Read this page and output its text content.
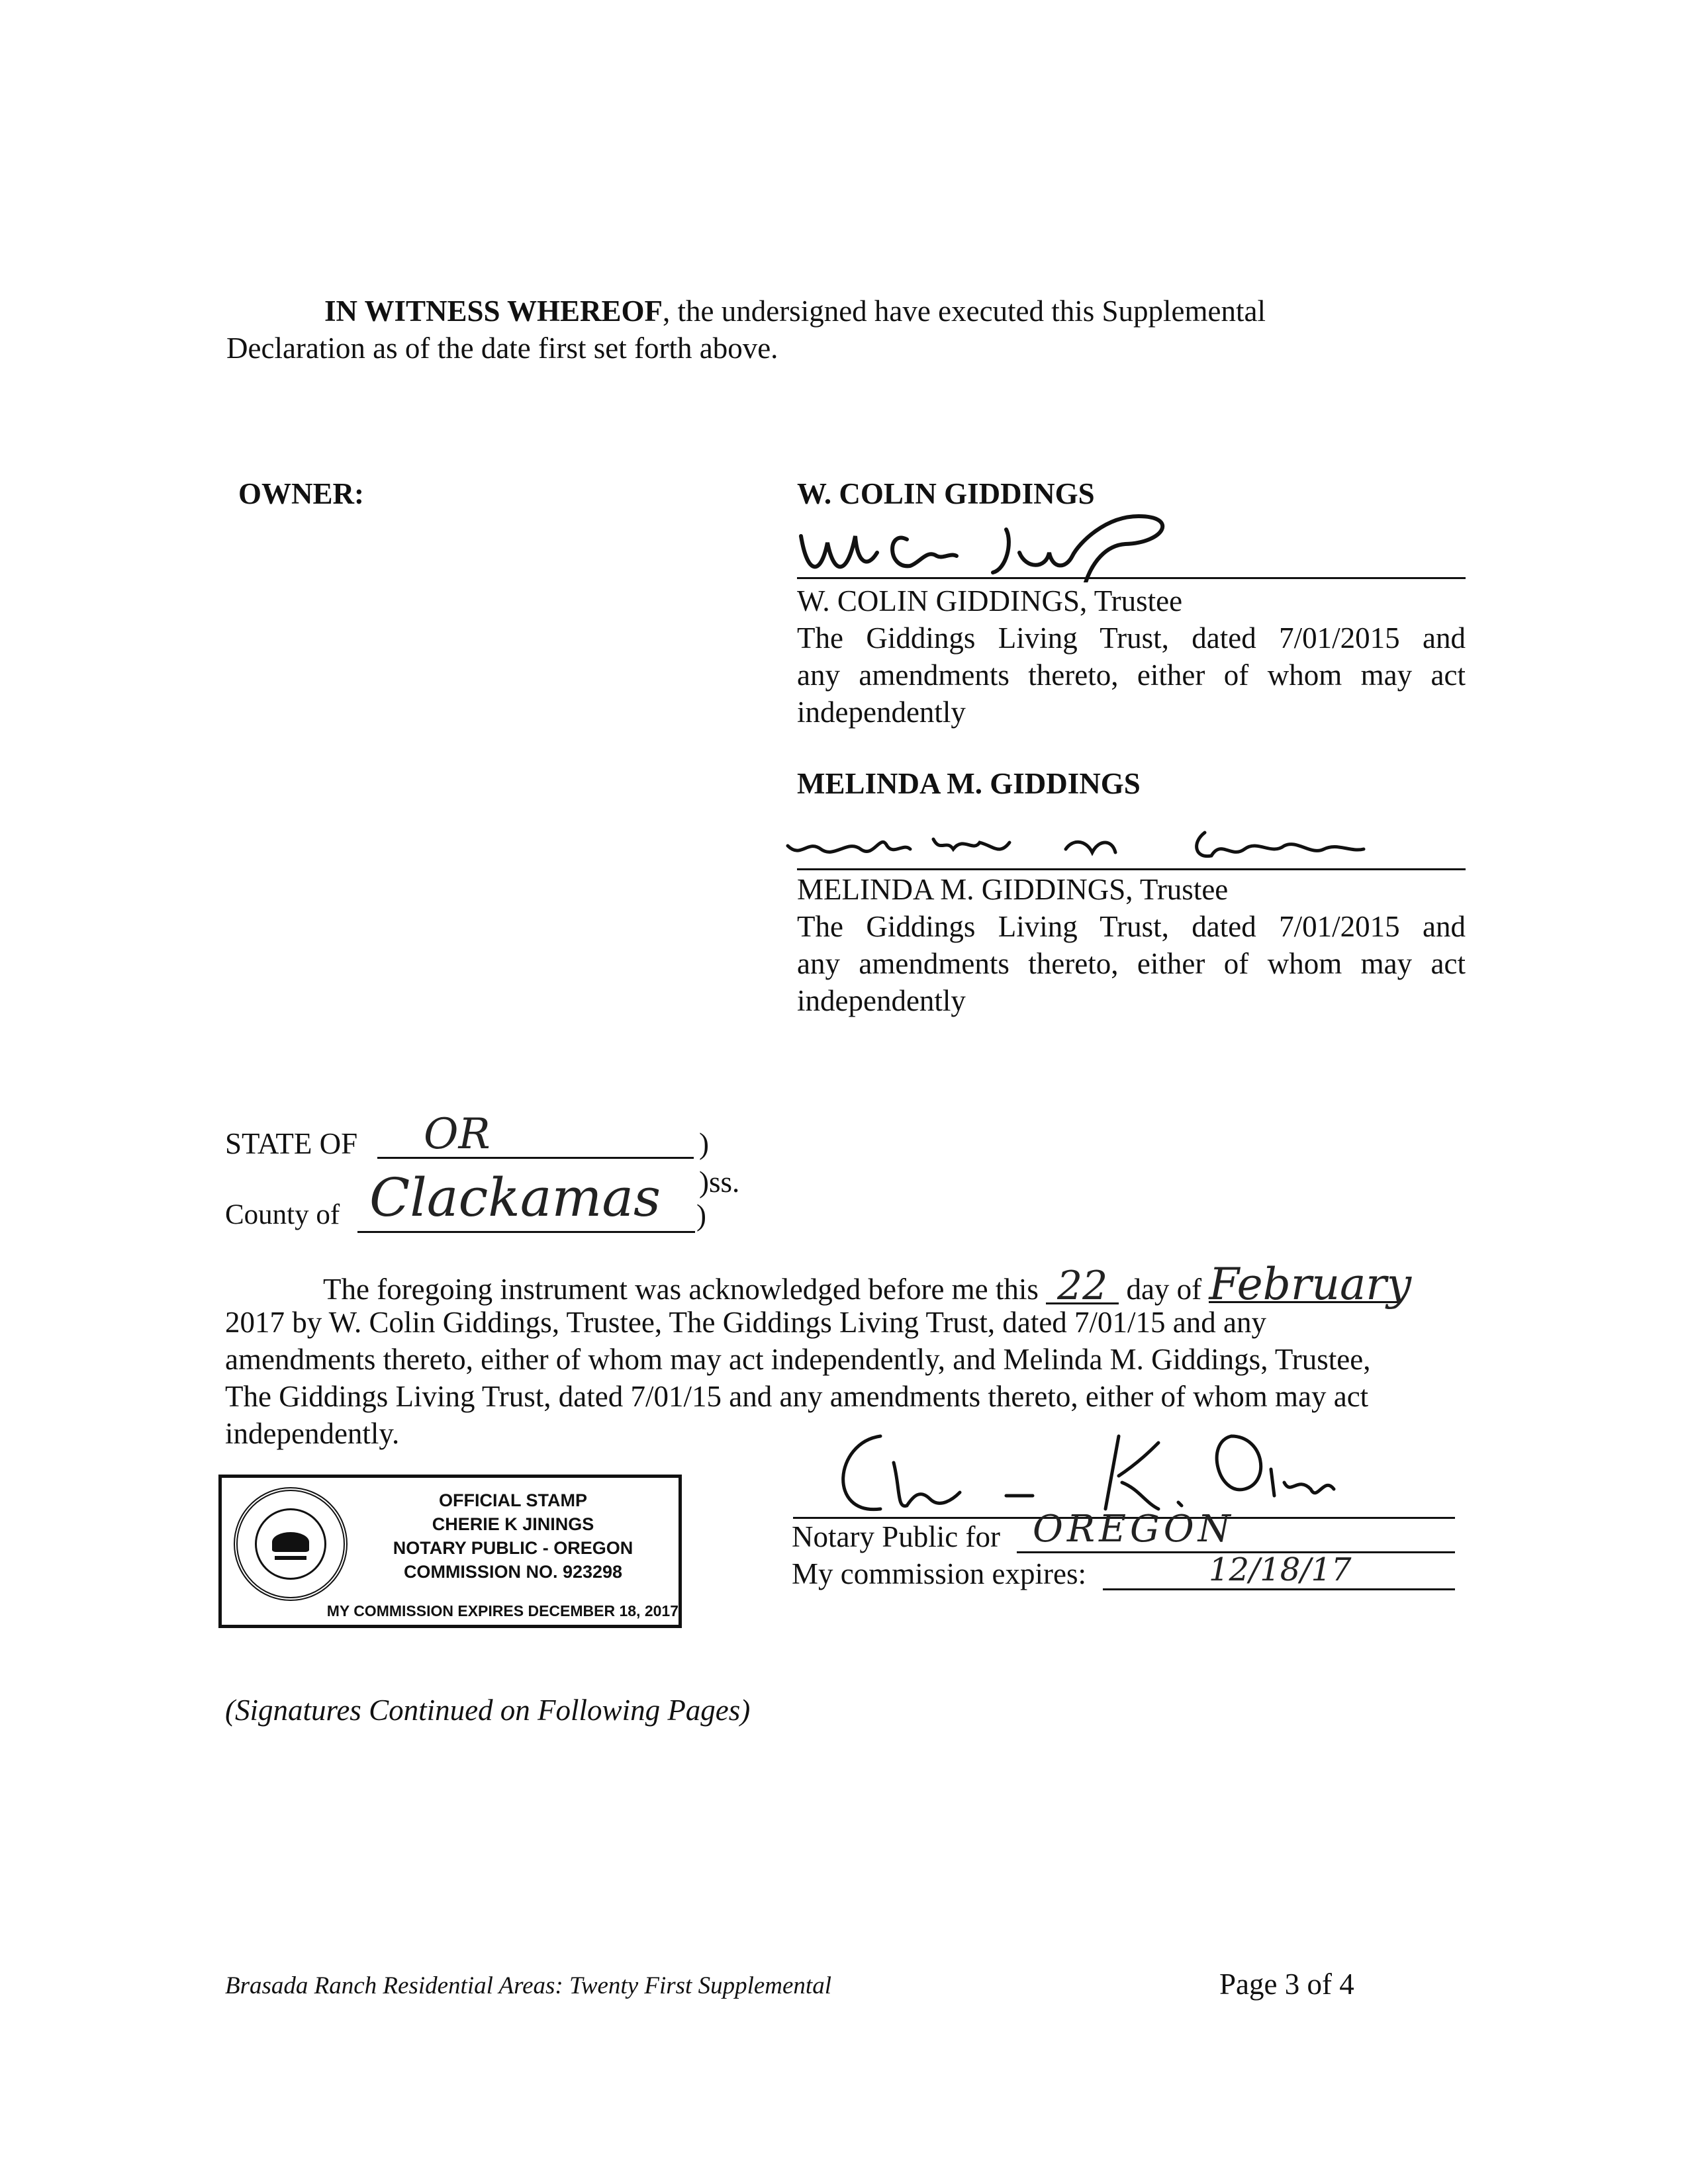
IN WITNESS WHEREOF, the undersigned have executed this Supplemental
Declaration as of the date first set forth above.
OWNER:	W. COLIN GIDDINGS
W. COLIN GIDDINGS, Trustee
The Giddings Living Trust, dated 7/01/2015 and
any amendments thereto, either of whom may act
independently
MELINDA M. GIDDINGS
MELINDA M. GIDDINGS, Trustee
The Giddings Living Trust, dated 7/01/2015 and
any amendments thereto, either of whom may act
independently
STATE OF OR	)
)ss.
County of Clackamas )
The foregoing instrument was acknowledged before me this 22 day of February
2017 by W. Colin Giddings, Trustee, The Giddings Living Trust, dated 7/01/15 and any
amendments thereto, either of whom may act independently, and Melinda M. Giddings, Trustee,
The Giddings Living Trust, dated 7/01/15 and any amendments thereto, either of whom may act
independently.
Notary Public for OREGON
My commission expires:	12/18/17
OFFICIAL STAMP
CHERIE K JININGS
NOTARY PUBLIC - OREGON
COMMISSION NO. 923298
MY COMMISSION EXPIRES DECEMBER 18, 2017
(Signatures Continued on Following Pages)
Brasada Ranch Residential Areas: Twenty First Supplemental	Page 3 of 4
